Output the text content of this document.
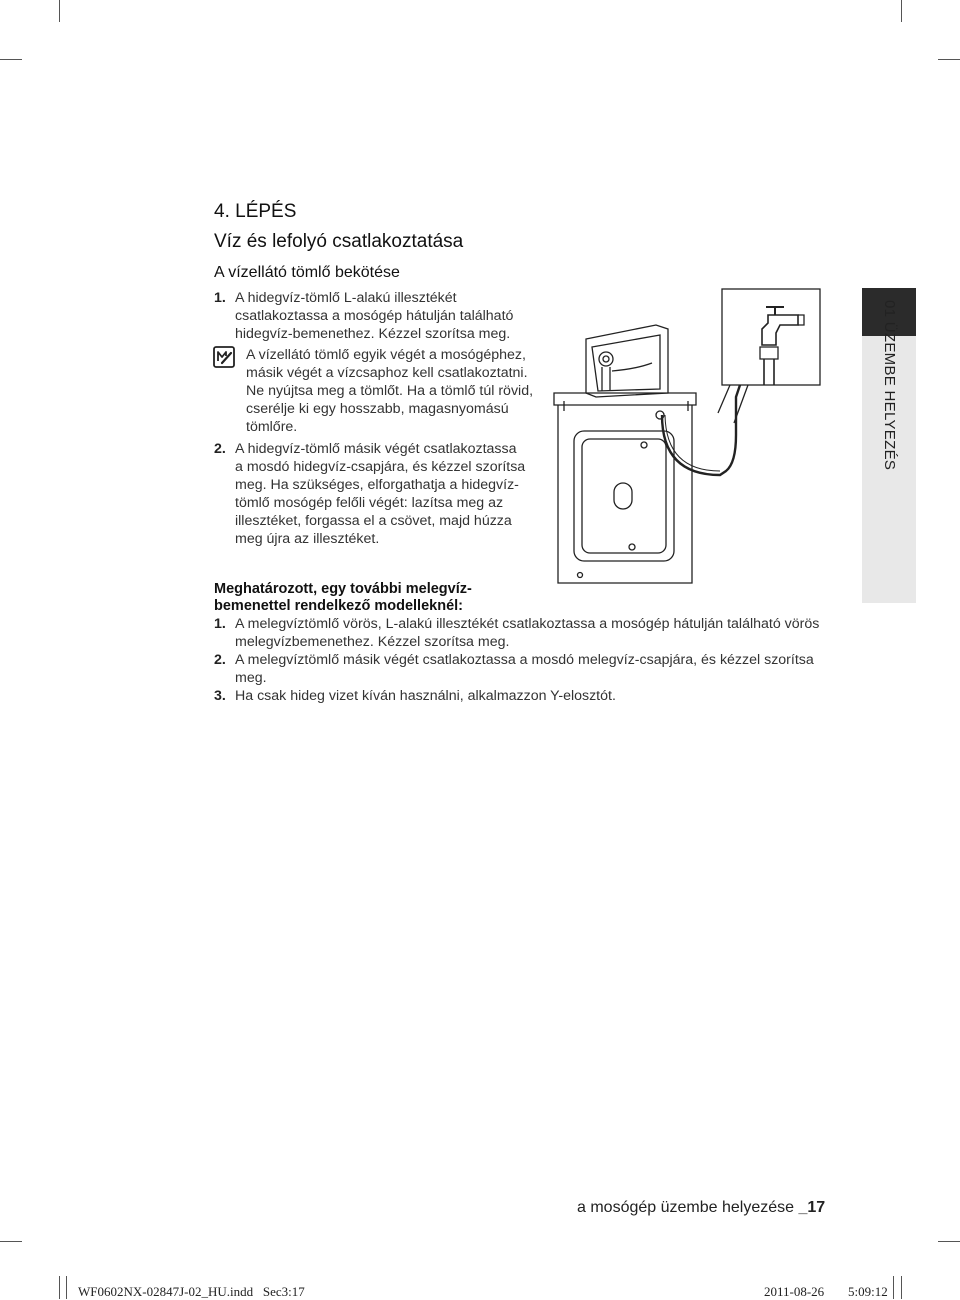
4. LÉPÉS
Víz és lefolyó csatlakoztatása
A vízellátó tömlő bekötése
1. A hidegvíz-tömlő L-alakú illesztékét
csatlakoztassa a mosógép hátulján található
hidegvíz-bemenethez. Kézzel szorítsa meg.
A vízellátó tömlő egyik végét a mosógéphez,
másik végét a vízcsaphoz kell csatlakoztatni.
Ne nyújtsa meg a tömlőt. Ha a tömlő túl rövid,
cserélje ki egy hosszabb, magasnyomású
tömlőre.
2. A hidegvíz-tömlő másik végét csatlakoztassa
a mosdó hidegvíz-csapjára, és kézzel szorítsa
meg. Ha szükséges, elforgathatja a hidegvíz-
tömlő mosógép felőli végét: lazítsa meg az
illesztéket, forgassa el a csövet, majd húzza
meg újra az illesztéket.
Meghatározott, egy további melegvíz-
bemenettel rendelkező modelleknél:
1. A melegvíztömlő vörös, L-alakú illesztékét csatlakoztassa a mosógép hátulján található vörös
melegvízbemenethez. Kézzel szorítsa meg.
2. A melegvíztömlő másik végét csatlakoztassa a mosdó melegvíz-csapjára, és kézzel szorítsa
meg.
3. Ha csak hideg vizet kíván használni, alkalmazzon Y-elosztót.
01 ÜZEMBE HELYEZÉS
a mosógép üzembe helyezése _17
WF0602NX-02847J-02_HU.indd   Sec3:17	2011-08-26 5:09:12
